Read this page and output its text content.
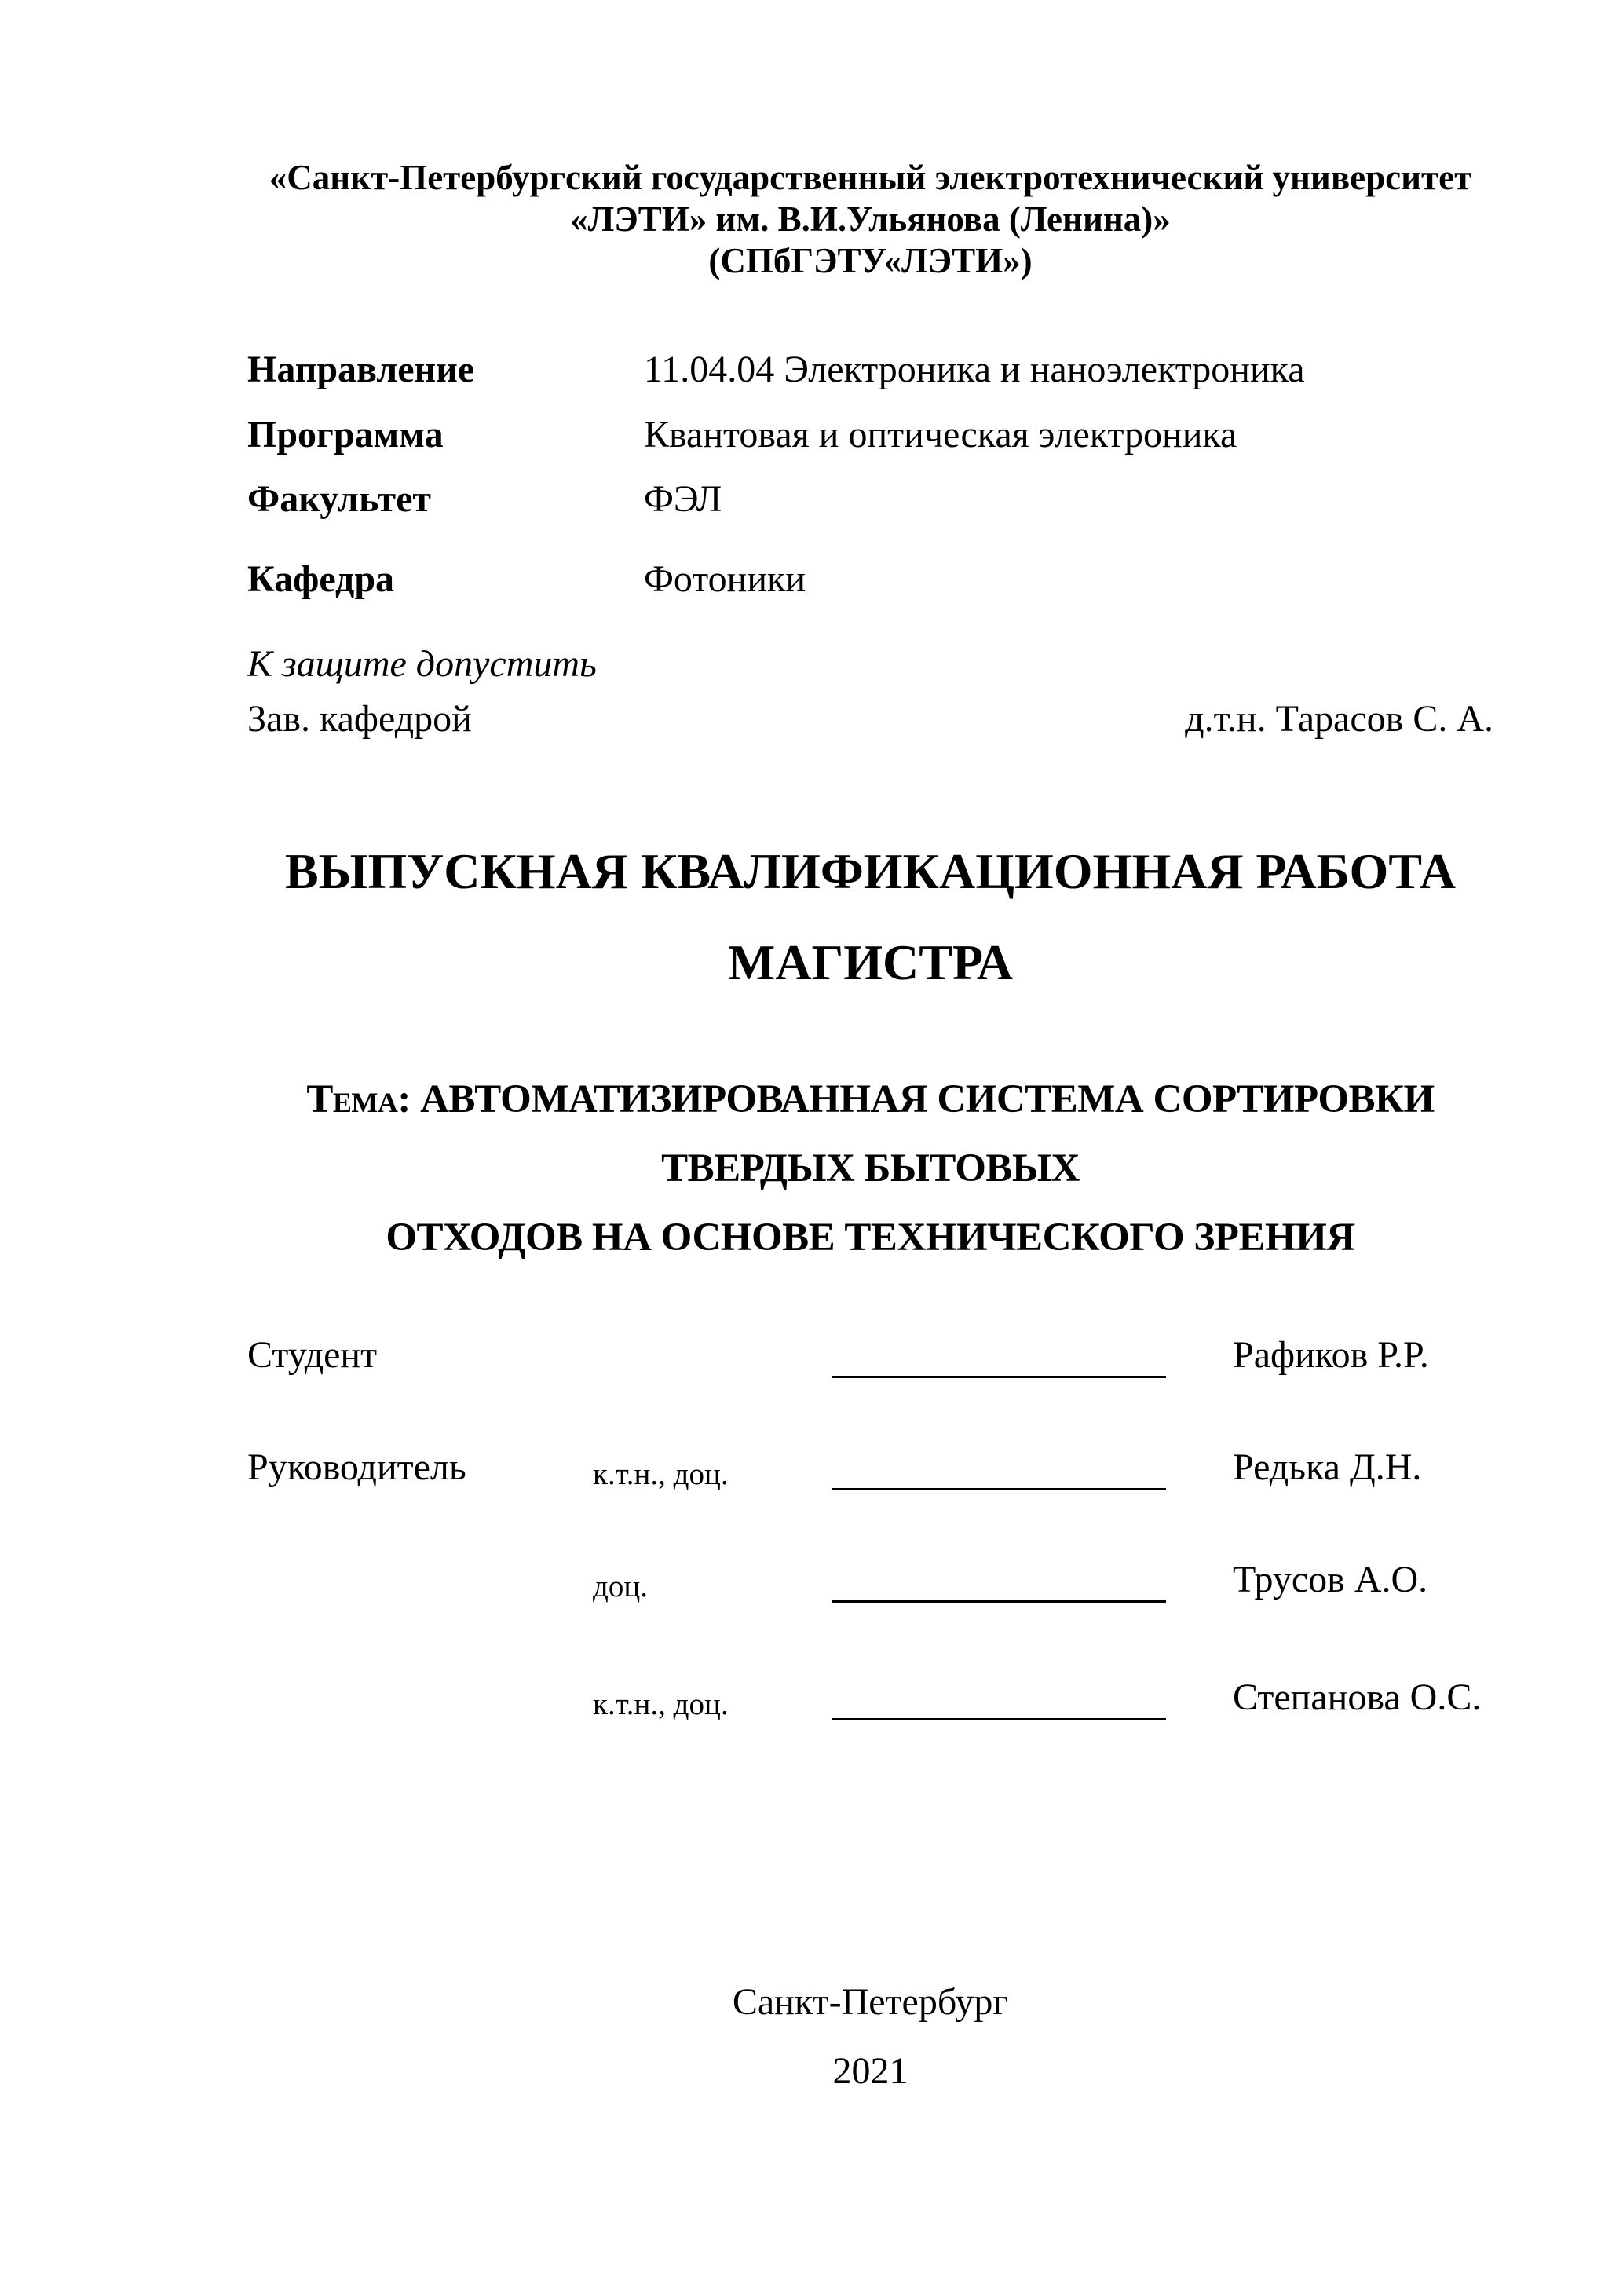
«Санкт-Петербургский государственный электротехнический университет
«ЛЭТИ» им. В.И.Ульянова (Ленина)»
(СПбГЭТУ«ЛЭТИ»)
Направление	11.04.04 Электроника и наноэлектроника
Программа	Квантовая и оптическая электроника
Факультет	ФЭЛ
Кафедра	Фотоники
К защите допустить
Зав. кафедрой	д.т.н. Тарасов С. А.
ВЫПУСКНАЯ КВАЛИФИКАЦИОННАЯ РАБОТА
МАГИСТРА
Тема: АВТОМАТИЗИРОВАННАЯ СИСТЕМА СОРТИРОВКИ
ТВЕРДЫХ БЫТОВЫХ
ОТХОДОВ НА ОСНОВЕ ТЕХНИЧЕСКОГО ЗРЕНИЯ
Студент	Рафиков Р.Р.
Руководитель	к.т.н., доц.	Редька Д.Н.
доц.	Трусов А.О.
к.т.н., доц.	Степанова О.С.
Санкт-Петербург
2021
